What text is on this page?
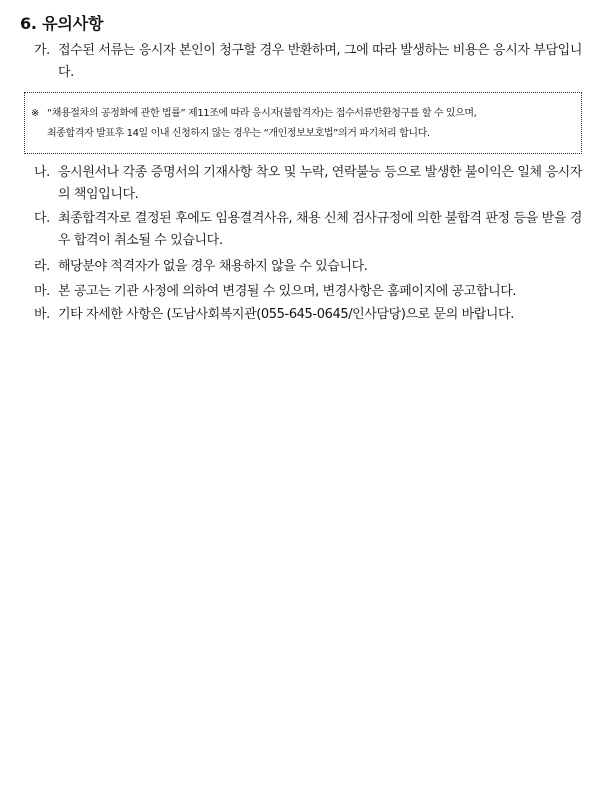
6. 유의사항
가. 접수된 서류는 응시자 본인이 청구할 경우 반환하며, 그에 따라 발생하는 비용은 응시자 부담입니다.
※ “채용절차의 공정화에 관한 법률” 제11조에 따라 응시자(불합격자)는 접수서류반환청구를 할 수 있으며,
최종합격자 발표후 14일 이내 신청하지 않는 경우는 “개인정보보호법”의거 파기처리 합니다.
나. 응시원서나 각종 증명서의 기재사항 착오 및 누락, 연락불능 등으로 발생한 불이익은 일체 응시자의 책임입니다.
다. 최종합격자로 결정된 후에도 임용결격사유, 채용 신체 검사규정에 의한 불합격 판정 등을 받을 경우 합격이 취소될 수 있습니다.
라. 해당분야 적격자가 없을 경우 채용하지 않을 수 있습니다.
마. 본 공고는 기관 사정에 의하여 변경될 수 있으며, 변경사항은 홈페이지에 공고합니다.
바. 기타 자세한 사항은 (도남사회복지관(055-645-0645/인사담당)으로 문의 바랍니다.
